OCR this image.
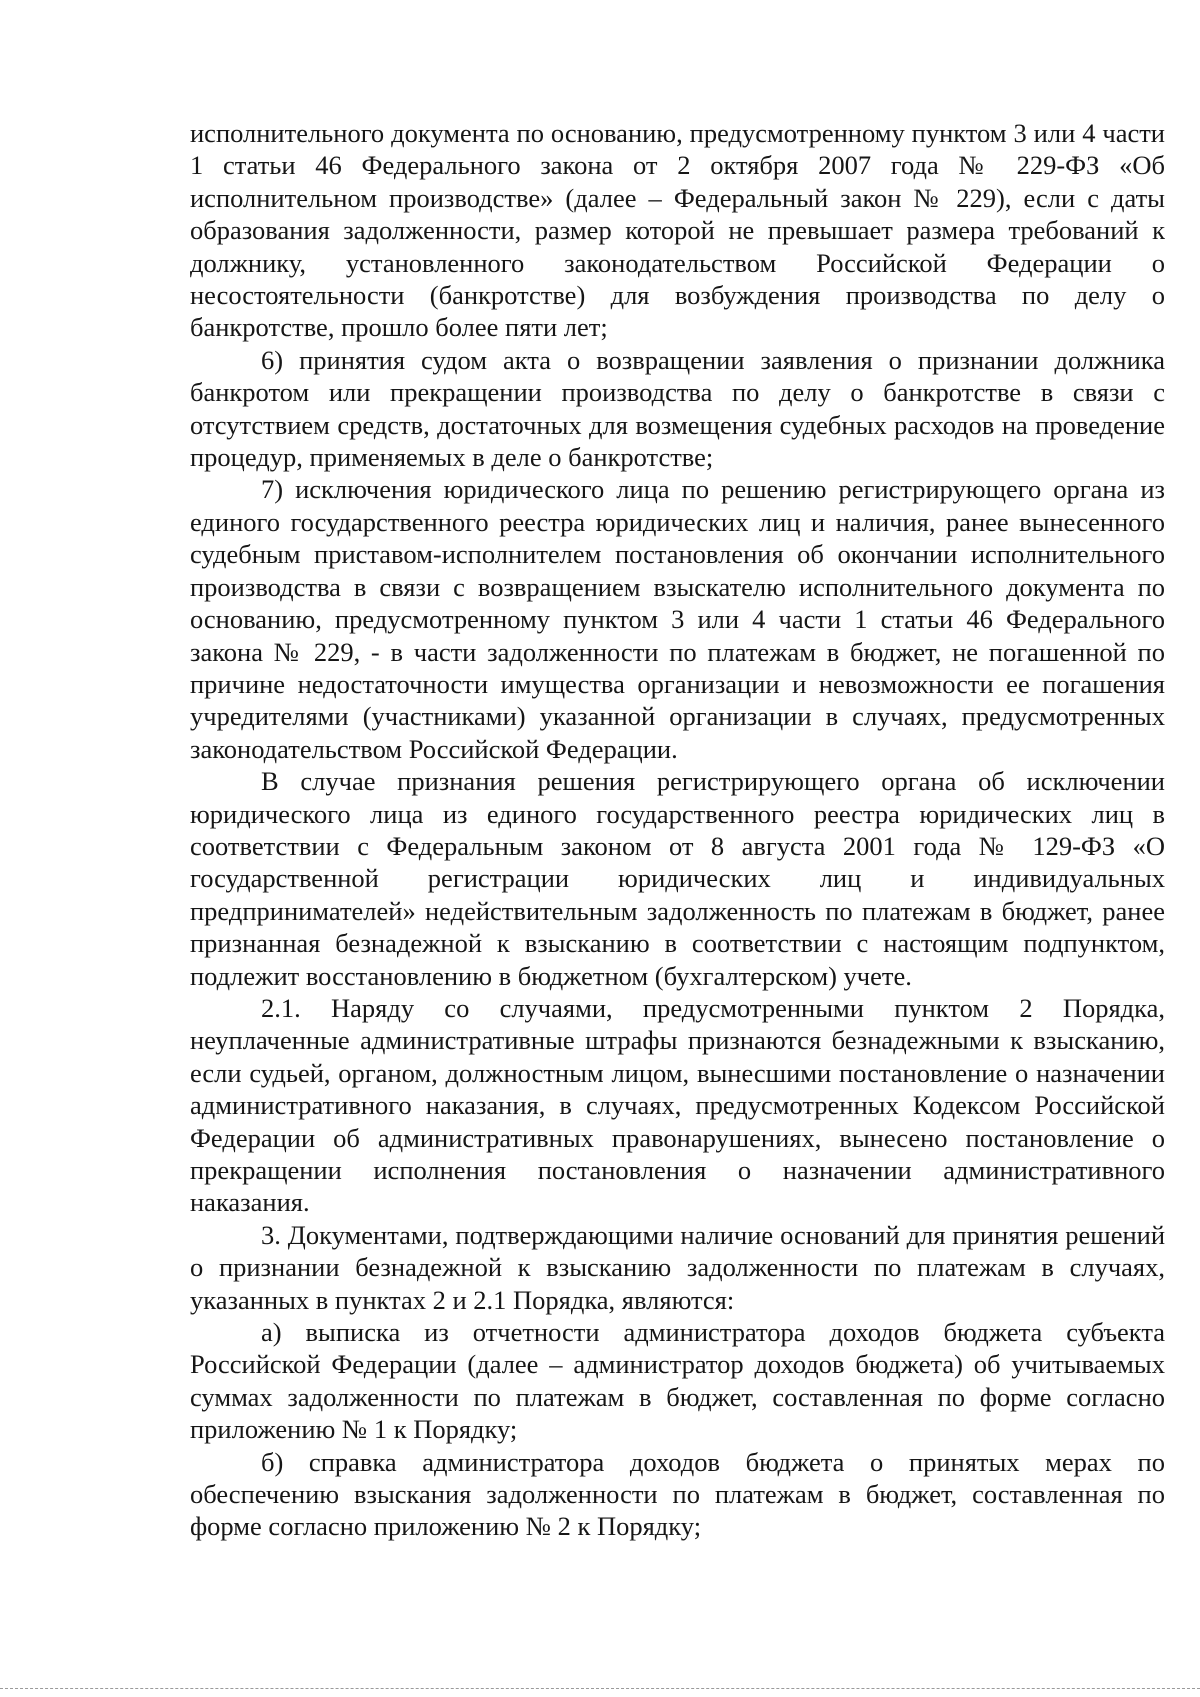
исполнительного документа по основанию, предусмотренному пунктом 3 или 4 части 1 статьи 46 Федерального закона от 2 октября 2007 года № 229-ФЗ «Об исполнительном производстве» (далее – Федеральный закон № 229), если с даты образования задолженности, размер которой не превышает размера требований к должнику, установленного законодательством Российской Федерации о несостоятельности (банкротстве) для возбуждения производства по делу о банкротстве, прошло более пяти лет;

6) принятия судом акта о возвращении заявления о признании должника банкротом или прекращении производства по делу о банкротстве в связи с отсутствием средств, достаточных для возмещения судебных расходов на проведение процедур, применяемых в деле о банкротстве;

7) исключения юридического лица по решению регистрирующего органа из единого государственного реестра юридических лиц и наличия, ранее вынесенного судебным приставом-исполнителем постановления об окончании исполнительного производства в связи с возвращением взыскателю исполнительного документа по основанию, предусмотренному пунктом 3 или 4 части 1 статьи 46 Федерального закона № 229, - в части задолженности по платежам в бюджет, не погашенной по причине недостаточности имущества организации и невозможности ее погашения учредителями (участниками) указанной организации в случаях, предусмотренных законодательством Российской Федерации.

В случае признания решения регистрирующего органа об исключении юридического лица из единого государственного реестра юридических лиц в соответствии с Федеральным законом от 8 августа 2001 года № 129-ФЗ «О государственной регистрации юридических лиц и индивидуальных предпринимателей» недействительным задолженность по платежам в бюджет, ранее признанная безнадежной к взысканию в соответствии с настоящим подпунктом, подлежит восстановлению в бюджетном (бухгалтерском) учете.

2.1. Наряду со случаями, предусмотренными пунктом 2 Порядка, неуплаченные административные штрафы признаются безнадежными к взысканию, если судьей, органом, должностным лицом, вынесшими постановление о назначении административного наказания, в случаях, предусмотренных Кодексом Российской Федерации об административных правонарушениях, вынесено постановление о прекращении исполнения постановления о назначении административного наказания.

3. Документами, подтверждающими наличие оснований для принятия решений о признании безнадежной к взысканию задолженности по платежам в случаях, указанных в пунктах 2 и 2.1 Порядка, являются:

а) выписка из отчетности администратора доходов бюджета субъекта Российской Федерации (далее – администратор доходов бюджета) об учитываемых суммах задолженности по платежам в бюджет, составленная по форме согласно приложению № 1 к Порядку;

б) справка администратора доходов бюджета о принятых мерах по обеспечению взыскания задолженности по платежам в бюджет, составленная по форме согласно приложению № 2 к Порядку;
